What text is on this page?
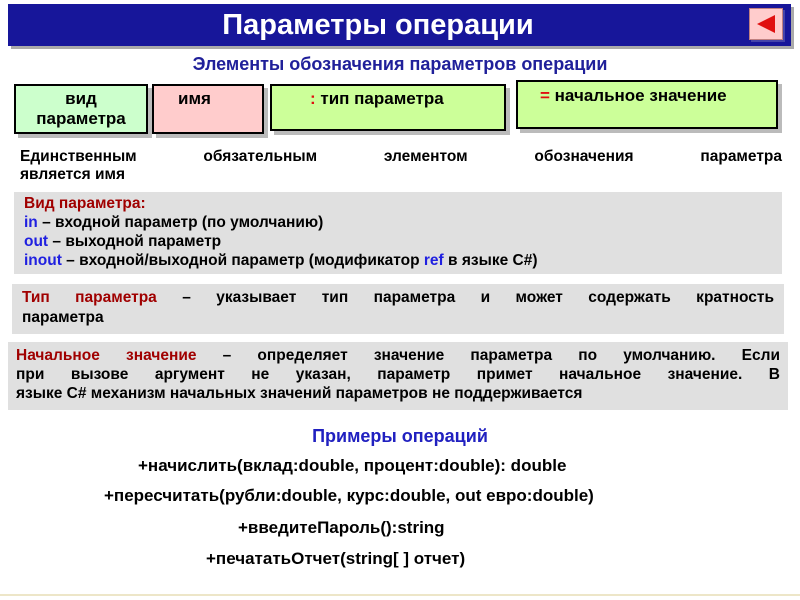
Параметры операции
Элементы обозначения параметров операции
вид
параметра
имя	: тип параметра	= начальное значение
Единственным обязательным элементом обозначения параметра
является имя
Вид параметра:
in – входной параметр (по умолчанию)
out – выходной параметр
inout – входной/выходной параметр (модификатор ref в языке C#)
Тип параметра – указывает тип параметра и может содержать кратность
параметра
Начальное значение – определяет значение параметра по умолчанию. Если
при вызове аргумент не указан, параметр примет начальное значение. В
языке C# механизм начальных значений параметров не поддерживается
Примеры операций
+начислить(вклад:double, процент:double): double
+пересчитать(рубли:double, курс:double, out евро:double)
+введитеПароль():string
+печататьОтчет(string[ ] отчет)
